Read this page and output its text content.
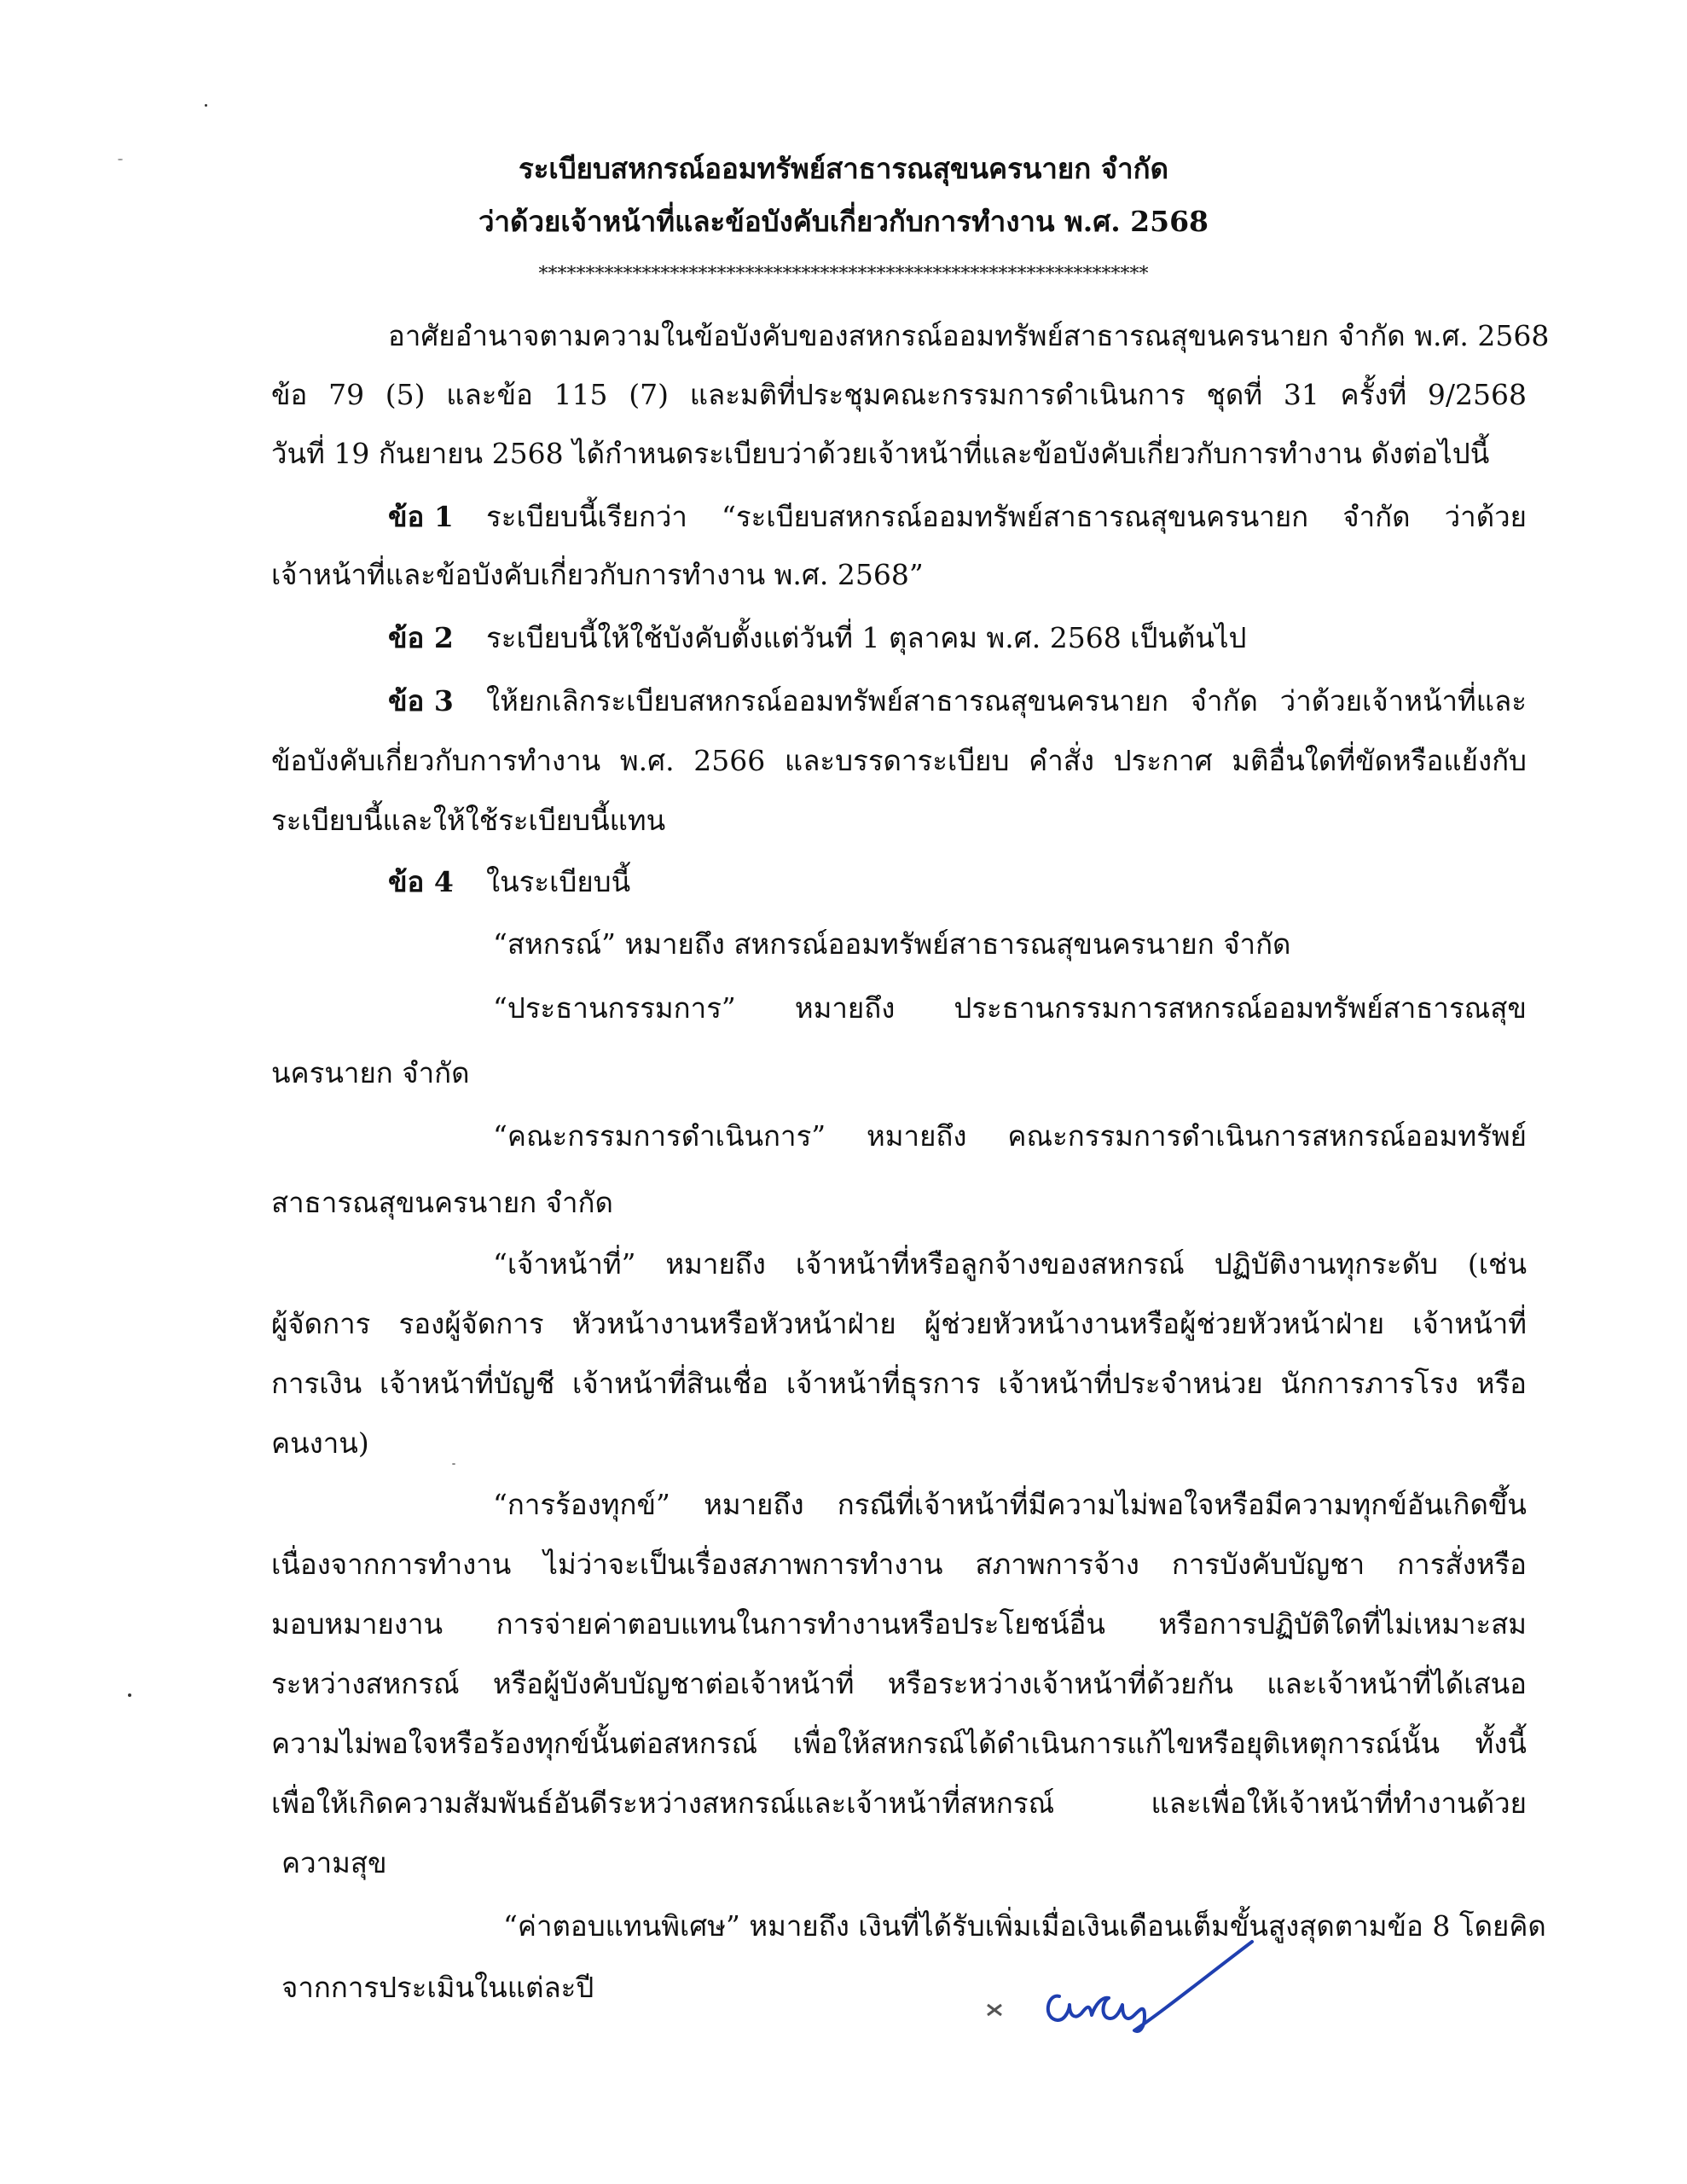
ระเบียบสหกรณ์ออมทรัพย์สาธารณสุขนครนายก จำกัด
ว่าด้วยเจ้าหน้าที่และข้อบังคับเกี่ยวกับการทำงาน พ.ศ. 2568
*****************************************************************
อาศัยอำนาจตามความในข้อบังคับของสหกรณ์ออมทรัพย์สาธารณสุขนครนายก จำกัด พ.ศ. 2568
ข้อ 79 (5) และข้อ 115 (7) และมติที่ประชุมคณะกรรมการดำเนินการ ชุดที่ 31 ครั้งที่ 9/2568
วันที่ 19 กันยายน 2568 ได้กำหนดระเบียบว่าด้วยเจ้าหน้าที่และข้อบังคับเกี่ยวกับการทำงาน ดังต่อไปนี้
ข้อ 1 ระเบียบนี้เรียกว่า “ระเบียบสหกรณ์ออมทรัพย์สาธารณสุขนครนายก จำกัด ว่าด้วย
เจ้าหน้าที่และข้อบังคับเกี่ยวกับการทำงาน พ.ศ. 2568”
ข้อ 2 ระเบียบนี้ให้ใช้บังคับตั้งแต่วันที่ 1 ตุลาคม พ.ศ. 2568 เป็นต้นไป
ข้อ 3 ให้ยกเลิกระเบียบสหกรณ์ออมทรัพย์สาธารณสุขนครนายก จำกัด ว่าด้วยเจ้าหน้าที่และ
ข้อบังคับเกี่ยวกับการทำงาน พ.ศ. 2566 และบรรดาระเบียบ คำสั่ง ประกาศ มติอื่นใดที่ขัดหรือแย้งกับ
ระเบียบนี้และให้ใช้ระเบียบนี้แทน
ข้อ 4 ในระเบียบนี้
“สหกรณ์” หมายถึง สหกรณ์ออมทรัพย์สาธารณสุขนครนายก จำกัด
“ประธานกรรมการ” หมายถึง ประธานกรรมการสหกรณ์ออมทรัพย์สาธารณสุข
นครนายก จำกัด
“คณะกรรมการดำเนินการ” หมายถึง คณะกรรมการดำเนินการสหกรณ์ออมทรัพย์
สาธารณสุขนครนายก จำกัด
“เจ้าหน้าที่” หมายถึง เจ้าหน้าที่หรือลูกจ้างของสหกรณ์ ปฏิบัติงานทุกระดับ (เช่น
ผู้จัดการ รองผู้จัดการ หัวหน้างานหรือหัวหน้าฝ่าย ผู้ช่วยหัวหน้างานหรือผู้ช่วยหัวหน้าฝ่าย เจ้าหน้าที่
การเงิน เจ้าหน้าที่บัญชี เจ้าหน้าที่สินเชื่อ เจ้าหน้าที่ธุรการ เจ้าหน้าที่ประจำหน่วย นักการภารโรง หรือ
คนงาน)
“การร้องทุกข์” หมายถึง กรณีที่เจ้าหน้าที่มีความไม่พอใจหรือมีความทุกข์อันเกิดขึ้น
เนื่องจากการทำงาน ไม่ว่าจะเป็นเรื่องสภาพการทำงาน สภาพการจ้าง การบังคับบัญชา การสั่งหรือ
มอบหมายงาน การจ่ายค่าตอบแทนในการทำงานหรือประโยชน์อื่น หรือการปฏิบัติใดที่ไม่เหมาะสม
ระหว่างสหกรณ์ หรือผู้บังคับบัญชาต่อเจ้าหน้าที่ หรือระหว่างเจ้าหน้าที่ด้วยกัน และเจ้าหน้าที่ได้เสนอ
ความไม่พอใจหรือร้องทุกข์นั้นต่อสหกรณ์ เพื่อให้สหกรณ์ได้ดำเนินการแก้ไขหรือยุติเหตุการณ์นั้น ทั้งนี้
เพื่อให้เกิดความสัมพันธ์อันดีระหว่างสหกรณ์และเจ้าหน้าที่สหกรณ์ และเพื่อให้เจ้าหน้าที่ทำงานด้วย
ความสุข
“ค่าตอบแทนพิเศษ” หมายถึง เงินที่ได้รับเพิ่มเมื่อเงินเดือนเต็มขั้นสูงสุดตามข้อ 8 โดยคิด
จากการประเมินในแต่ละปี
